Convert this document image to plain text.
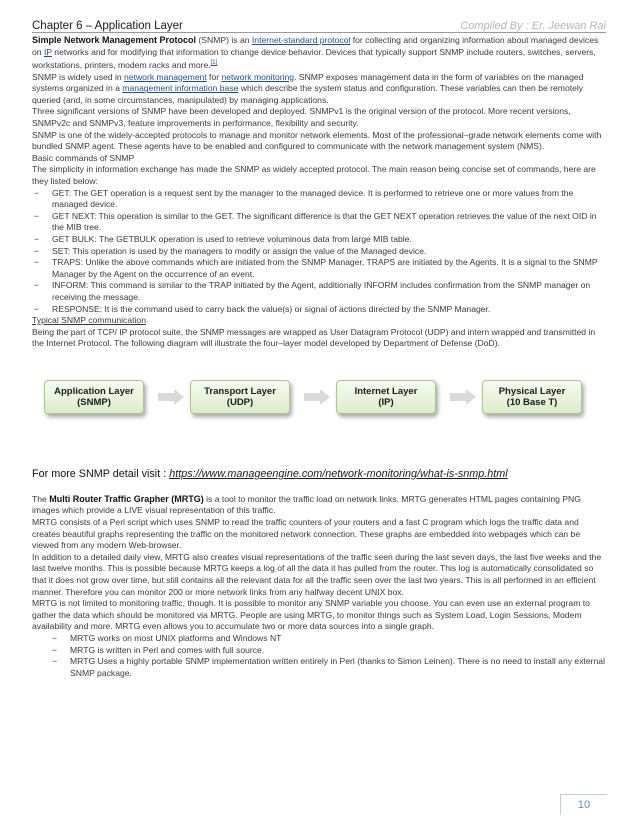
Chapter 6 – Application Layer	Compiled By : Er. Jeewan Rai

Simple Network Management Protocol (SNMP) is an Internet-standard protocol for collecting and organizing information about managed devices on IP networks and for modifying that information to change device behavior. Devices that typically support SNMP include routers, switches, servers, workstations, printers, modem racks and more.[1]

SNMP is widely used in network management for network monitoring. SNMP exposes management data in the form of variables on the managed systems organized in a management information base which describe the system status and configuration. These variables can then be remotely queried (and, in some circumstances, manipulated) by managing applications.

Three significant versions of SNMP have been developed and deployed. SNMPv1 is the original version of the protocol. More recent versions, SNMPv2c and SNMPv3, feature improvements in performance, flexibility and security.

SNMP is one of the widely-accepted protocols to manage and monitor network elements. Most of the professional–grade network elements come with bundled SNMP agent. These agents have to be enabled and configured to communicate with the network management system (NMS).

Basic commands of SNMP

The simplicity in information exchange has made the SNMP as widely accepted protocol. The main reason being concise set of commands, here are they listed below:

− GET: The GET operation is a request sent by the manager to the managed device. It is performed to retrieve one or more values from the managed device.
− GET NEXT: This operation is similar to the GET. The significant difference is that the GET NEXT operation retrieves the value of the next OID in the MIB tree.
− GET BULK: The GETBULK operation is used to retrieve voluminous data from large MIB table.
− SET: This operation is used by the managers to modify or assign the value of the Managed device.
− TRAPS: Unlike the above commands which are initiated from the SNMP Manager, TRAPS are initiated by the Agents. It is a signal to the SNMP Manager by the Agent on the occurrence of an event.
− INFORM: This command is similar to the TRAP initiated by the Agent, additionally INFORM includes confirmation from the SNMP manager on receiving the message.
− RESPONSE: It is the command used to carry back the value(s) or signal of actions directed by the SNMP Manager.

Typical SNMP communication

Being the part of TCP/ IP protocol suite, the SNMP messages are wrapped as User Datagram Protocol (UDP) and intern wrapped and transmitted in the Internet Protocol. The following diagram will illustrate the four–layer model developed by Department of Defense (DoD).

Application Layer
(SNMP)
Transport Layer
(UDP)
Internet Layer
(IP)
Physical Layer
(10 Base T)
For more SNMP detail visit : https://www.manageengine.com/network-monitoring/what-is-snmp.html

The Multi Router Traffic Grapher (MRTG) is a tool to monitor the traffic load on network links. MRTG generates HTML pages containing PNG images which provide a LIVE visual representation of this traffic.

MRTG consists of a Perl script which uses SNMP to read the traffic counters of your routers and a fast C program which logs the traffic data and creates beautiful graphs representing the traffic on the monitored network connection. These graphs are embedded into webpages which can be viewed from any modern Web-browser.

In addition to a detailed daily view, MRTG also creates visual representations of the traffic seen during the last seven days, the last five weeks and the last twelve months. This is possible because MRTG keeps a log of all the data it has pulled from the router. This log is automatically consolidated so that it does not grow over time, but still contains all the relevant data for all the traffic seen over the last two years. This is all performed in an efficient manner. Therefore you can monitor 200 or more network links from any halfway decent UNIX box.

MRTG is not limited to monitoring traffic, though. It is possible to monitor any SNMP variable you choose. You can even use an external program to gather the data which should be monitored via MRTG. People are using MRTG, to monitor things such as System Load, Login Sessions, Modem availability and more. MRTG even allows you to accumulate two or more data sources into a single graph.

− MRTG works on most UNIX platforms and Windows NT
− MRTG is written in Perl and comes with full source.
− MRTG Uses a highly portable SNMP implementation written entirely in Perl (thanks to Simon Leinen). There is no need to install any external SNMP package.
10
